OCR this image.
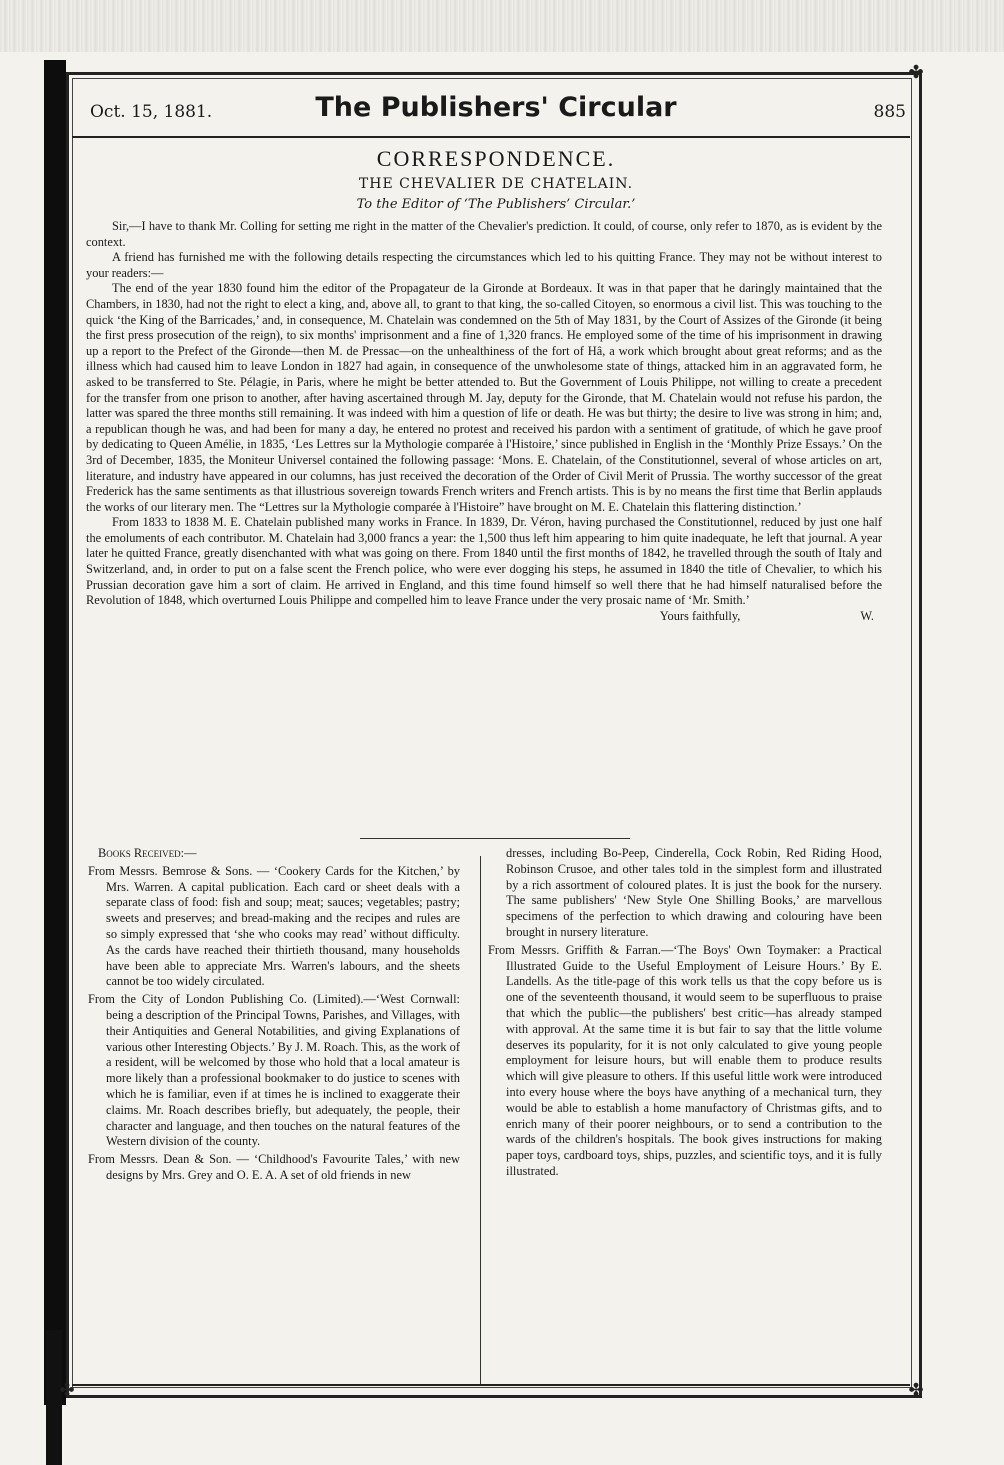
✤
✤
✤
Oct. 15, 1881.	The Publishers' Circular	885
CORRESPONDENCE.
THE CHEVALIER DE CHATELAIN.
To the Editor of ‘The Publishers’ Circular.’

Sir,—I have to thank Mr. Colling for setting me right in the matter of the Chevalier's prediction. It could, of course, only refer to 1870, as is evident by the context.

A friend has furnished me with the following details respecting the circumstances which led to his quitting France. They may not be without interest to your readers:—

The end of the year 1830 found him the editor of the Propagateur de la Gironde at Bordeaux. It was in that paper that he daringly maintained that the Chambers, in 1830, had not the right to elect a king, and, above all, to grant to that king, the so-called Citoyen, so enormous a civil list. This was touching to the quick ‘the King of the Barricades,’ and, in consequence, M. Chatelain was condemned on the 5th of May 1831, by the Court of Assizes of the Gironde (it being the first press prosecution of the reign), to six months' imprisonment and a fine of 1,320 francs. He employed some of the time of his imprisonment in drawing up a report to the Prefect of the Gironde—then M. de Pressac—on the unhealthiness of the fort of Hâ, a work which brought about great reforms; and as the illness which had caused him to leave London in 1827 had again, in consequence of the unwholesome state of things, attacked him in an aggravated form, he asked to be transferred to Ste. Pélagie, in Paris, where he might be better attended to. But the Government of Louis Philippe, not willing to create a precedent for the transfer from one prison to another, after having ascertained through M. Jay, deputy for the Gironde, that M. Chatelain would not refuse his pardon, the latter was spared the three months still remaining. It was indeed with him a question of life or death. He was but thirty; the desire to live was strong in him; and, a republican though he was, and had been for many a day, he entered no protest and received his pardon with a sentiment of gratitude, of which he gave proof by dedicating to Queen Amélie, in 1835, ‘Les Lettres sur la Mythologie comparée à l'Histoire,’ since published in English in the ‘Monthly Prize Essays.’ On the 3rd of December, 1835, the Moniteur Universel contained the following passage: ‘Mons. E. Chatelain, of the Constitutionnel, several of whose articles on art, literature, and industry have appeared in our columns, has just received the decoration of the Order of Civil Merit of Prussia. The worthy successor of the great Frederick has the same sentiments as that illustrious sovereign towards French writers and French artists. This is by no means the first time that Berlin applauds the works of our literary men. The “Lettres sur la Mythologie comparée à l'Histoire” have brought on M. E. Chatelain this flattering distinction.’

From 1833 to 1838 M. E. Chatelain published many works in France. In 1839, Dr. Véron, having purchased the Constitutionnel, reduced by just one half the emoluments of each contributor. M. Chatelain had 3,000 francs a year: the 1,500 thus left him appearing to him quite inadequate, he left that journal. A year later he quitted France, greatly disenchanted with what was going on there. From 1840 until the first months of 1842, he travelled through the south of Italy and Switzerland, and, in order to put on a false scent the French police, who were ever dogging his steps, he assumed in 1840 the title of Chevalier, to which his Prussian decoration gave him a sort of claim. He arrived in England, and this time found himself so well there that he had himself naturalised before the Revolution of 1848, which overturned Louis Philippe and compelled him to leave France under the very prosaic name of ‘Mr. Smith.’

Yours faithfully,	W.

Books Received:—

From Messrs. Bemrose & Sons. — ‘Cookery Cards for the Kitchen,’ by Mrs. Warren. A capital publication. Each card or sheet deals with a separate class of food: fish and soup; meat; sauces; vegetables; pastry; sweets and preserves; and bread-making and the recipes and rules are so simply expressed that ‘she who cooks may read’ without difficulty. As the cards have reached their thirtieth thousand, many households have been able to appreciate Mrs. Warren's labours, and the sheets cannot be too widely circulated.

From the City of London Publishing Co. (Limited).—‘West Cornwall: being a description of the Principal Towns, Parishes, and Villages, with their Antiquities and General Notabilities, and giving Explanations of various other Interesting Objects.’ By J. M. Roach. This, as the work of a resident, will be welcomed by those who hold that a local amateur is more likely than a professional bookmaker to do justice to scenes with which he is familiar, even if at times he is inclined to exaggerate their claims. Mr. Roach describes briefly, but adequately, the people, their character and language, and then touches on the natural features of the Western division of the county.

From Messrs. Dean & Son. — ‘Childhood's Favourite Tales,’ with new designs by Mrs. Grey and O. E. A. A set of old friends in new

dresses, including Bo-Peep, Cinderella, Cock Robin, Red Riding Hood, Robinson Crusoe, and other tales told in the simplest form and illustrated by a rich assortment of coloured plates. It is just the book for the nursery. The same publishers' ‘New Style One Shilling Books,’ are marvellous specimens of the perfection to which drawing and colouring have been brought in nursery literature.

From Messrs. Griffith & Farran.—‘The Boys' Own Toymaker: a Practical Illustrated Guide to the Useful Employment of Leisure Hours.’ By E. Landells. As the title-page of this work tells us that the copy before us is one of the seventeenth thousand, it would seem to be superfluous to praise that which the public—the publishers' best critic—has already stamped with approval. At the same time it is but fair to say that the little volume deserves its popularity, for it is not only calculated to give young people employment for leisure hours, but will enable them to produce results which will give pleasure to others. If this useful little work were introduced into every house where the boys have anything of a mechanical turn, they would be able to establish a home manufactory of Christmas gifts, and to enrich many of their poorer neighbours, or to send a contribution to the wards of the children's hospitals. The book gives instructions for making paper toys, cardboard toys, ships, puzzles, and scientific toys, and it is fully illustrated.
